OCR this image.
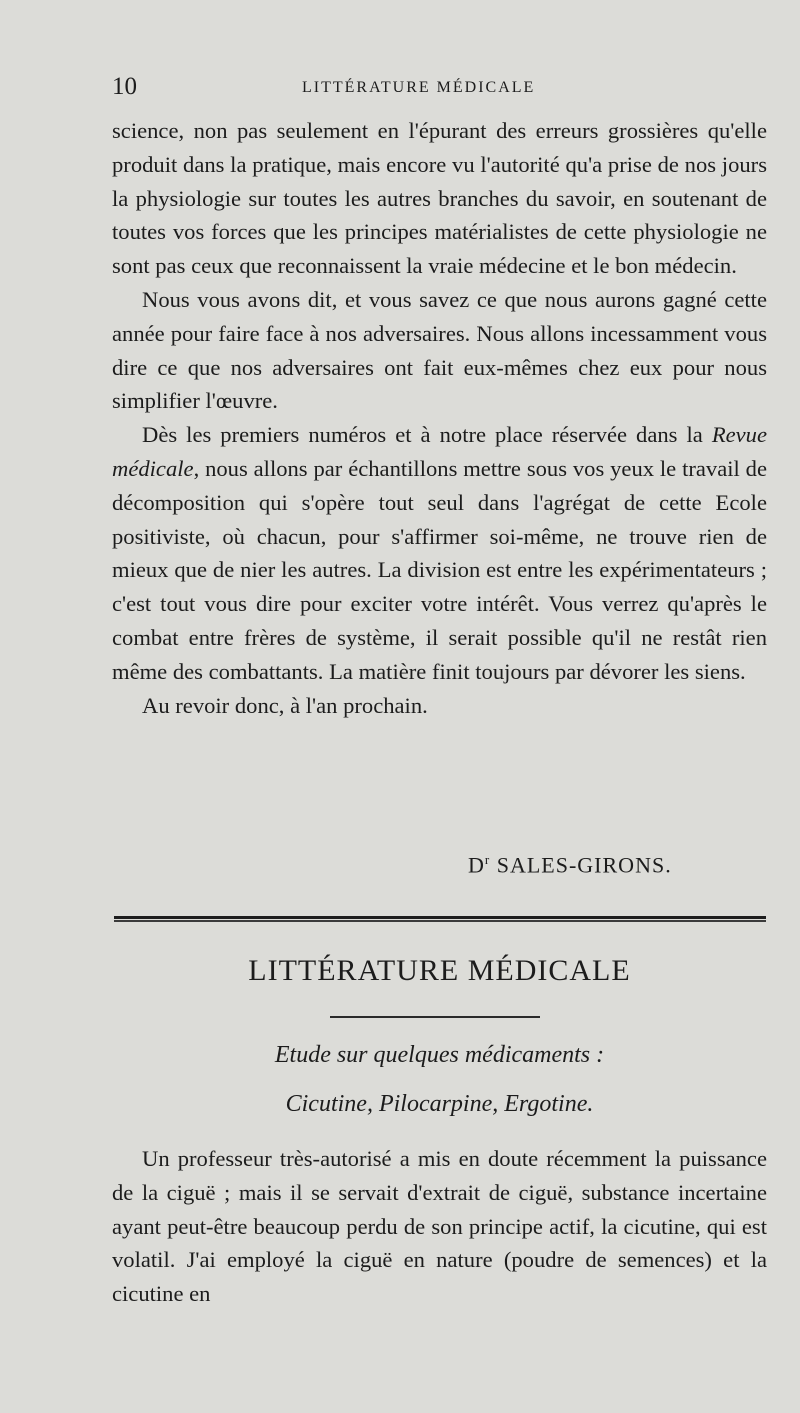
10	LITTÉRATURE MÉDICALE

science, non pas seulement en l'épurant des erreurs grossières qu'elle produit dans la pratique, mais encore vu l'autorité qu'a prise de nos jours la physiologie sur toutes les autres branches du savoir, en soutenant de toutes vos forces que les principes matérialistes de cette physiologie ne sont pas ceux que reconnaissent la vraie médecine et le bon médecin.

Nous vous avons dit, et vous savez ce que nous aurons gagné cette année pour faire face à nos adversaires. Nous allons incessamment vous dire ce que nos adversaires ont fait eux-mêmes chez eux pour nous simplifier l'œuvre.

Dès les premiers numéros et à notre place réservée dans la Revue médicale, nous allons par échantillons mettre sous vos yeux le travail de décomposition qui s'opère tout seul dans l'agrégat de cette Ecole positiviste, où chacun, pour s'affirmer soi-même, ne trouve rien de mieux que de nier les autres. La division est entre les expérimentateurs ; c'est tout vous dire pour exciter votre intérêt. Vous verrez qu'après le combat entre frères de système, il serait possible qu'il ne restât rien même des combattants. La matière finit toujours par dévorer les siens.

Au revoir donc, à l'an prochain.

$D^r$ SALES-GIRONS.
LITTÉRATURE MÉDICALE
Etude sur quelques médicaments :
Cicutine, Pilocarpine, Ergotine.

Un professeur très-autorisé a mis en doute récemment la puissance de la ciguë ; mais il se servait d'extrait de ciguë, substance incertaine ayant peut-être beaucoup perdu de son principe actif, la cicutine, qui est volatil. J'ai employé la ciguë en nature (poudre de semences) et la cicutine en
